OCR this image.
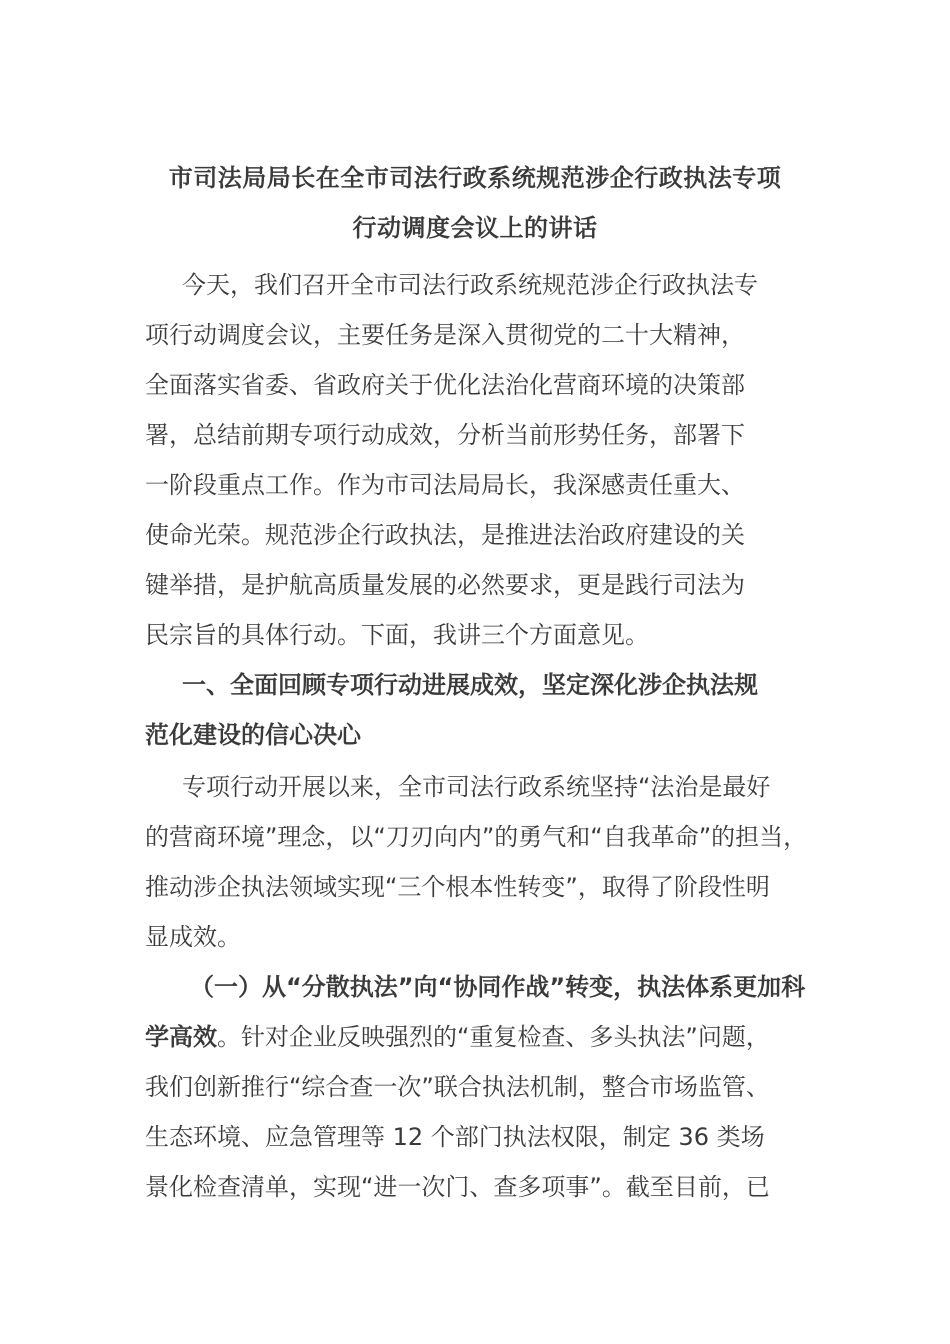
市司法局局长在全市司法行政系统规范涉企行政执法专项
行动调度会议上的讲话
今天，我们召开全市司法行政系统规范涉企行政执法专
项行动调度会议，主要任务是深入贯彻党的二十大精神，
全面落实省委、省政府关于优化法治化营商环境的决策部
署，总结前期专项行动成效，分析当前形势任务，部署下
一阶段重点工作。作为市司法局局长，我深感责任重大、
使命光荣。规范涉企行政执法，是推进法治政府建设的关
键举措，是护航高质量发展的必然要求，更是践行司法为
民宗旨的具体行动。下面，我讲三个方面意见。
一、全面回顾专项行动进展成效，坚定深化涉企执法规
范化建设的信心决心
专项行动开展以来，全市司法行政系统坚持“法治是最好
的营商环境”理念，以“刀刃向内”的勇气和“自我革命”的担当，
推动涉企执法领域实现“三个根本性转变”，取得了阶段性明
显成效。
（一）从“分散执法”向“协同作战”转变，执法体系更加科
学高效。针对企业反映强烈的“重复检查、多头执法”问题，
我们创新推行“综合查一次”联合执法机制，整合市场监管、
生态环境、应急管理等 12 个部门执法权限，制定 36 类场
景化检查清单，实现“进一次门、查多项事”。截至目前，已
